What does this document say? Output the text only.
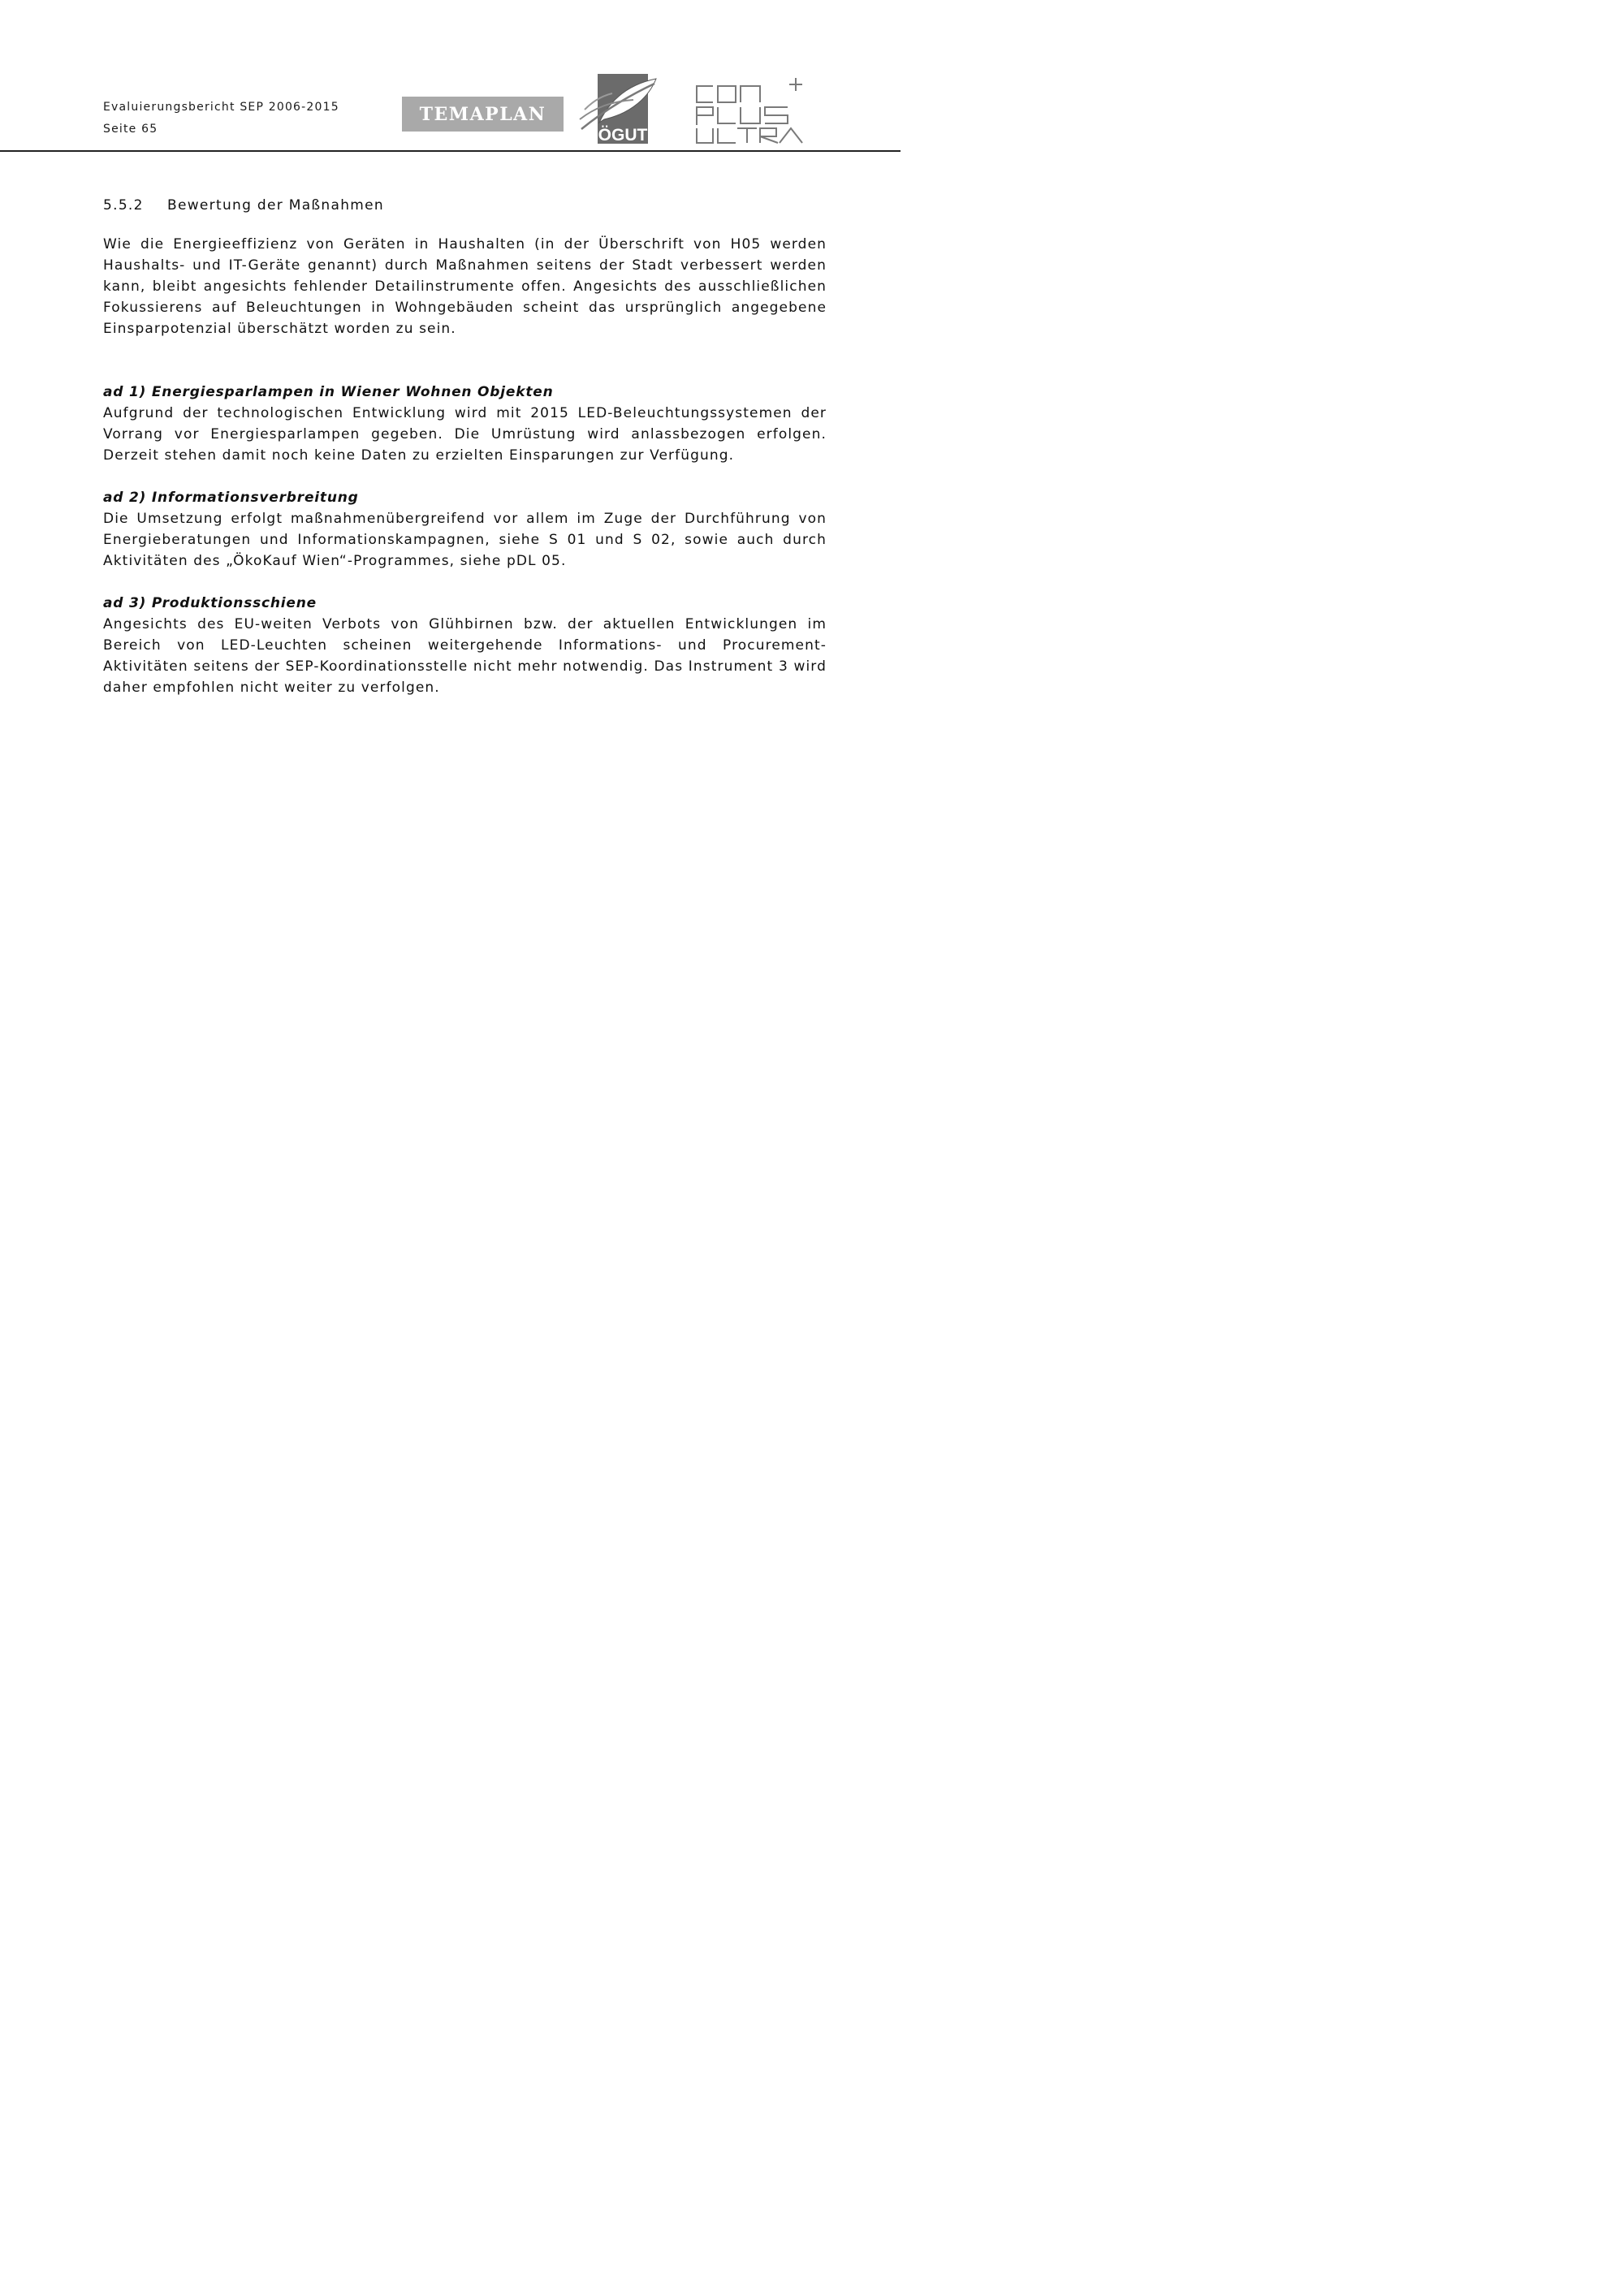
Evaluierungsbericht SEP 2006-2015
Seite 65
TEMAPLAN
ÖGUT
5.5.2 Bewertung der Maßnahmen

Wie die Energieeffizienz von Geräten in Haushalten (in der Überschrift von H05 werden Haushalts- und IT-Geräte genannt) durch Maßnahmen seitens der Stadt verbessert werden kann, bleibt angesichts fehlender Detailinstrumente offen. Angesichts des ausschließlichen Fokussierens auf Beleuchtungen in Wohngebäuden scheint das ursprünglich angegebene Einsparpotenzial überschätzt worden zu sein.

ad 1) Energiesparlampen in Wiener Wohnen Objekten

Aufgrund der technologischen Entwicklung wird mit 2015 LED-Beleuchtungssystemen der Vorrang vor Energiesparlampen gegeben. Die Umrüstung wird anlassbezogen erfolgen. Derzeit stehen damit noch keine Daten zu erzielten Einsparungen zur Verfügung.

ad 2) Informationsverbreitung

Die Umsetzung erfolgt maßnahmenübergreifend vor allem im Zuge der Durchführung von Energieberatungen und Informationskampagnen, siehe S 01 und S 02, sowie auch durch Aktivitäten des „ÖkoKauf Wien“-Programmes, siehe pDL 05.

ad 3) Produktionsschiene

Angesichts des EU-weiten Verbots von Glühbirnen bzw. der aktuellen Entwicklungen im Bereich von LED-Leuchten scheinen weitergehende Informations- und Procurement-Aktivitäten seitens der SEP-Koordinationsstelle nicht mehr notwendig. Das Instrument 3 wird daher empfohlen nicht weiter zu verfolgen.
